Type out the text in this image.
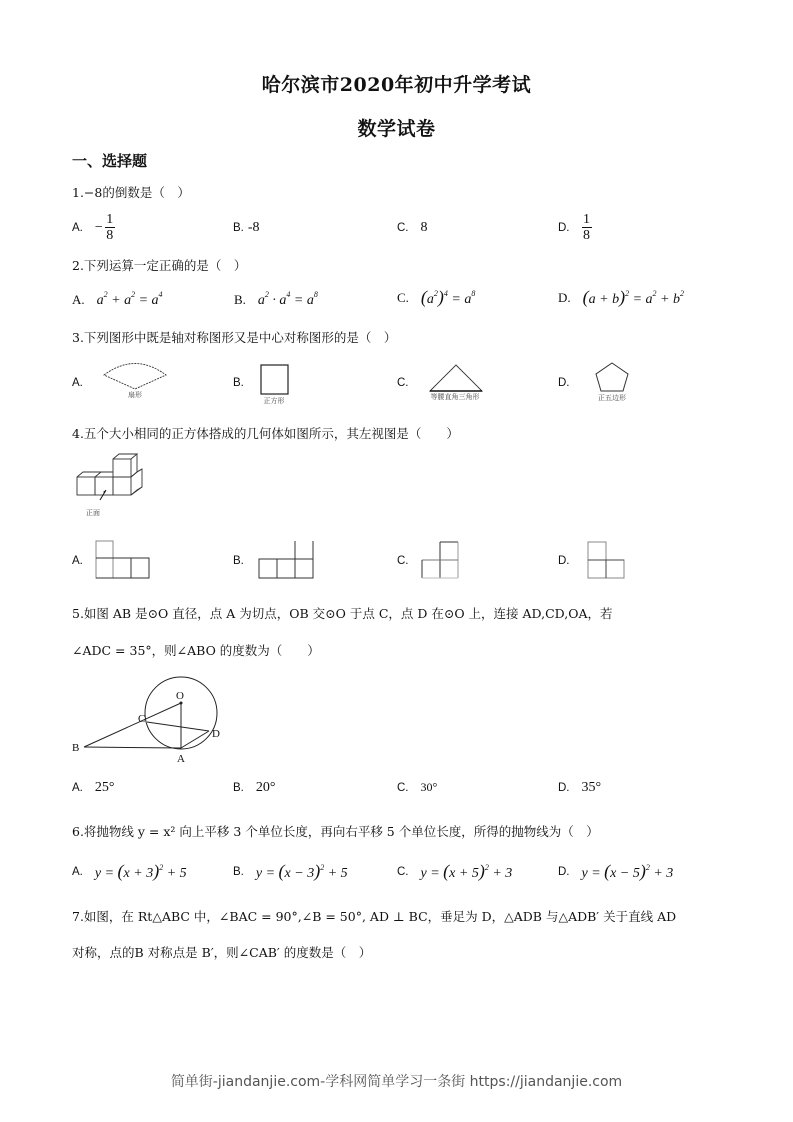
哈尔滨市2020年初中升学考试
数学试卷
一、选择题
1.−8的倒数是（　）
A. − $\frac{1}{8}$	B. -8	C. 8	D. $\frac{1}{8}$
2.下列运算一定正确的是（　）
A. $a^2 + a^2 = a^4$	B. $a^2 \cdot a^4 = a^8$	C. $(a^2)^4 = a^8$	D. $(a + b)^2 = a^2 + b^2$
3.下列图形中既是轴对称图形又是中心对称图形的是（　）
A.
扇形
B.
正方形
C.
等腰直角三角形
D.
正五边形
4.五个大小相同的正方体搭成的几何体如图所示，其左视图是（　　）
正面
A.	B.	C.	D.
5.如图 AB 是⊙O 直径，点 A 为切点，OB 交⊙O 于点 C，点 D 在⊙O 上，连接 AD,CD,OA，若
∠ADC = 35°，则∠ABO 的度数为（　　）
O
C
B
A
D
A. 25°	B. 20°	C. 30°	D. 35°
6.将抛物线 y = x² 向上平移 3 个单位长度，再向右平移 5 个单位长度，所得的抛物线为（　）
A. $y = (x + 3)^2 + 5$	B. $y = (x - 3)^2 + 5$	C. $y = (x + 5)^2 + 3$	D. $y = (x - 5)^2 + 3$
7.如图，在 Rt△ABC 中，∠BAC = 90°,∠B = 50°, AD ⊥ BC，垂足为 D，△ADB 与△ADB′ 关于直线 AD
对称，点的B 对称点是 B′，则∠CAB′ 的度数是（　）
简单街-jiandanjie.com-学科网简单学习一条街 https://jiandanjie.com
